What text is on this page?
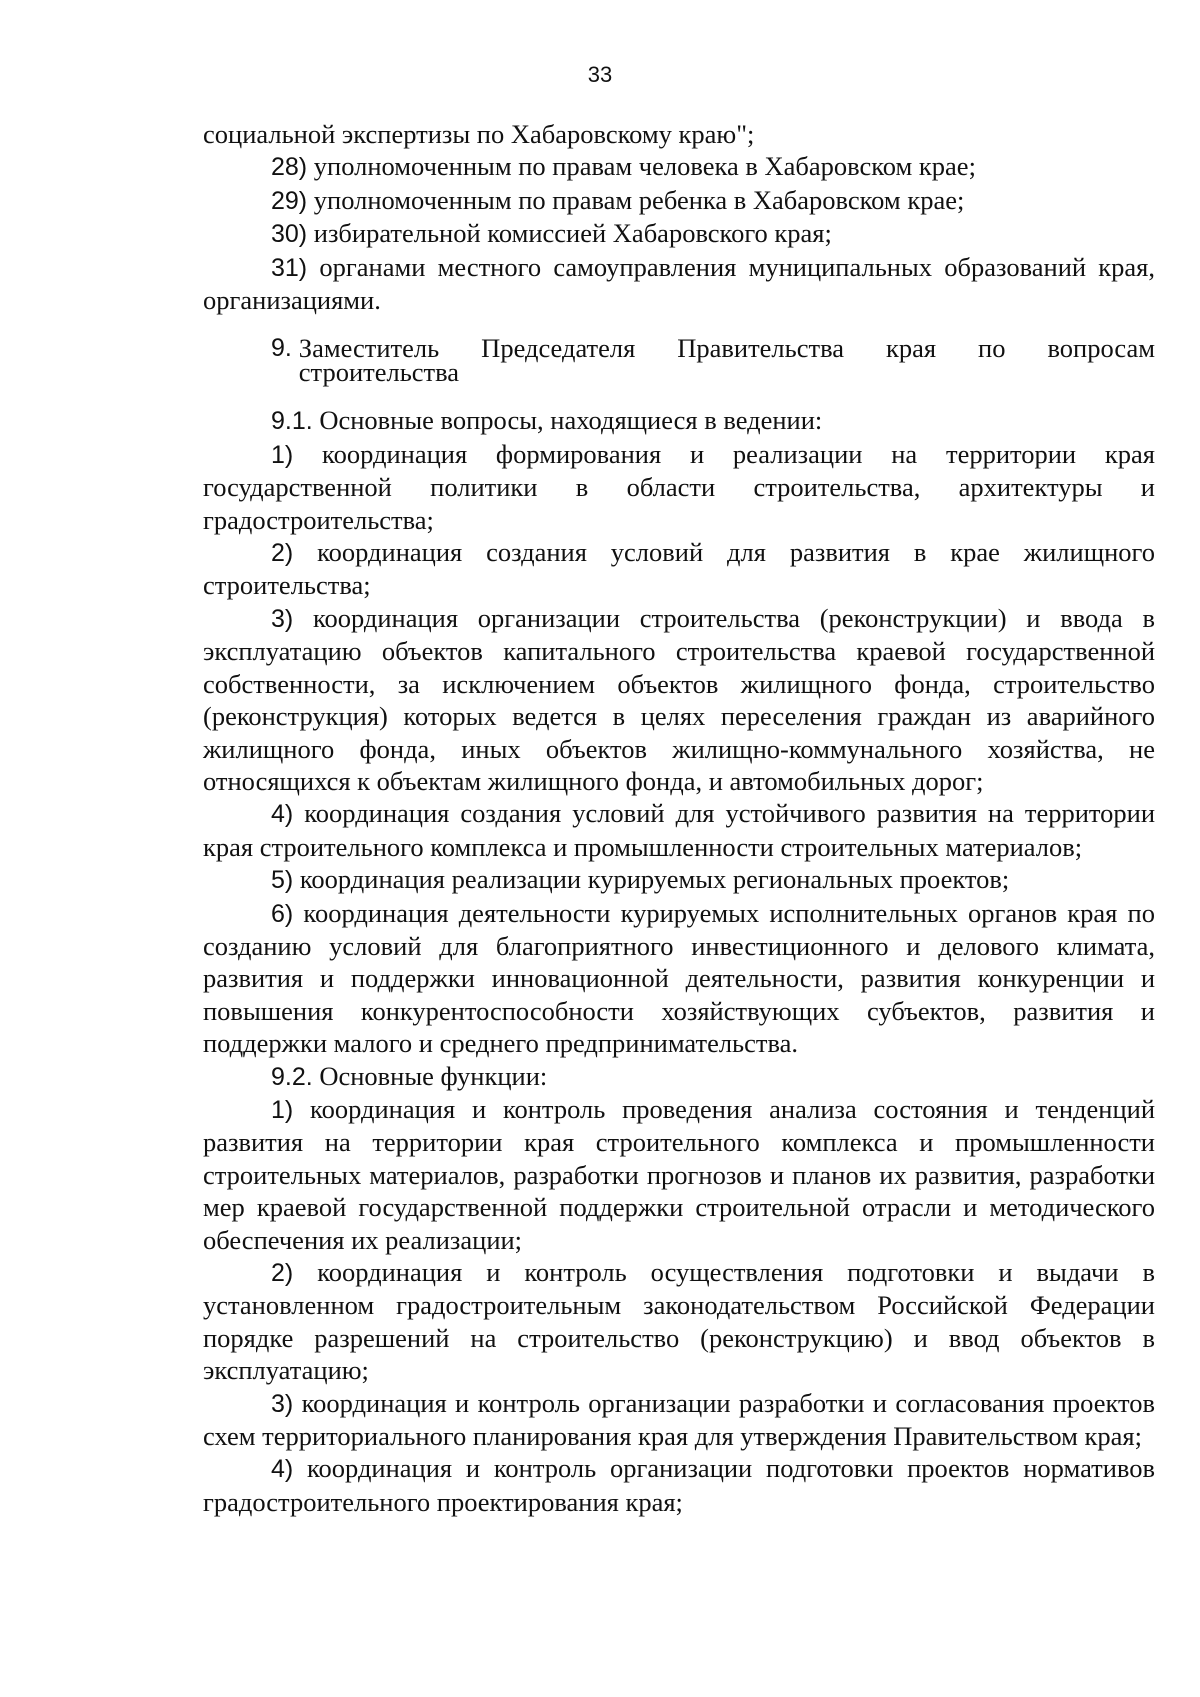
33

социальной экспертизы по Хабаровскому краю";

28) уполномоченным по правам человека в Хабаровском крае;

29) уполномоченным по правам ребенка в Хабаровском крае;

30) избирательной комиссией Хабаровского края;

31) органами местного самоуправления муниципальных образований края, организациями.

9. Заместитель Председателя Правительства края по вопросам
строительства

9.1. Основные вопросы, находящиеся в ведении:

1) координация формирования и реализации на территории края государственной политики в области строительства, архитектуры и градостроительства;

2) координация создания условий для развития в крае жилищного строительства;

3) координация организации строительства (реконструкции) и ввода в эксплуатацию объектов капитального строительства краевой государственной собственности, за исключением объектов жилищного фонда, строительство (реконструкция) которых ведется в целях переселения граждан из аварийного жилищного фонда, иных объектов жилищно-коммунального хозяйства, не относящихся к объектам жилищного фонда, и автомобильных дорог;

4) координация создания условий для устойчивого развития на территории края строительного комплекса и промышленности строительных материалов;

5) координация реализации курируемых региональных проектов;

6) координация деятельности курируемых исполнительных органов края по созданию условий для благоприятного инвестиционного и делового климата, развития и поддержки инновационной деятельности, развития конкуренции и повышения конкурентоспособности хозяйствующих субъектов, развития и поддержки малого и среднего предпринимательства.

9.2. Основные функции:

1) координация и контроль проведения анализа состояния и тенденций развития на территории края строительного комплекса и промышленности строительных материалов, разработки прогнозов и планов их развития, разработки мер краевой государственной поддержки строительной отрасли и методического обеспечения их реализации;

2) координация и контроль осуществления подготовки и выдачи в установленном градостроительным законодательством Российской Федерации порядке разрешений на строительство (реконструкцию) и ввод объектов в эксплуатацию;

3) координация и контроль организации разработки и согласования проектов схем территориального планирования края для утверждения Правительством края;

4) координация и контроль организации подготовки проектов нормативов градостроительного проектирования края;
